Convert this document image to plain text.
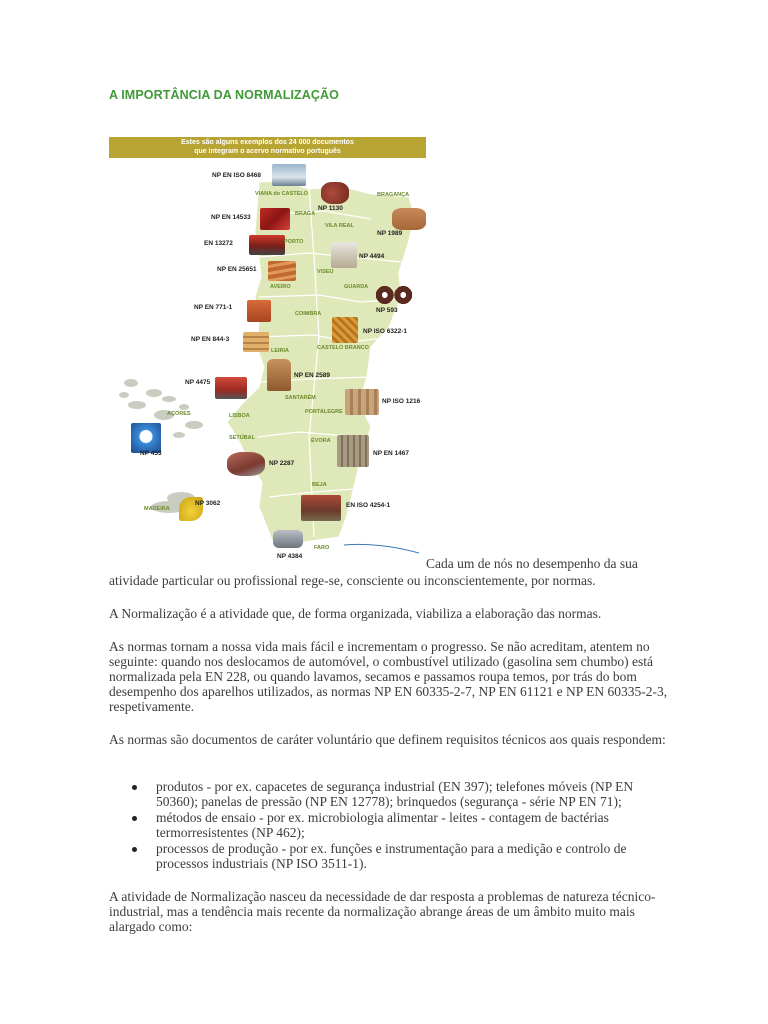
A IMPORTÂNCIA DA NORMALIZAÇÃO
Estes são alguns exemplos dos 24 000 documentos
que integram o acervo normativo português
NP EN ISO 8468
NP 1130
NP EN 14533
NP 1989
EN 13272
NP 4494
NP EN 25651
NP 593
NP EN 771-1
NP ISO 6322-1
NP EN 844-3
NP EN 2589
NP 4475
NP ISO 1216
NP 453	NP EN 1467
NP 2287
NP 3062	EN ISO 4254-1
NP 4384
VIANA do CASTELO	BRAGANÇA
BRAGA
VILA REAL
PORTO
VISEU
GUARDA
AVEIRO
COIMBRA
CASTELO BRANCO
LEIRIA
SANTARÉM
PORTALEGRE
AÇORES	LISBOA
SETÚBAL	ÉVORA
BEJA
MADEIRA
FARO
Cada um de nós no desempenho da sua

atividade particular ou profissional rege-se, consciente ou inconscientemente, por normas.

A Normalização é a atividade que, de forma organizada, viabiliza a elaboração das normas.

As normas tornam a nossa vida mais fácil e incrementam o progresso. Se não acreditam, atentem no seguinte: quando nos deslocamos de automóvel, o combustível utilizado (gasolina sem chumbo) está normalizada pela EN 228, ou quando lavamos, secamos e passamos roupa temos, por trás do bom desempenho dos aparelhos utilizados, as normas NP EN 60335-2-7, NP EN 61121 e NP EN 60335-2-3, respetivamente.

As normas são documentos de caráter voluntário que definem requisitos técnicos aos quais respondem:

produtos - por ex. capacetes de segurança industrial (EN 397); telefones móveis (NP EN 50360); panelas de pressão (NP EN 12778); brinquedos (segurança - série NP EN 71);
métodos de ensaio - por ex. microbiologia alimentar - leites - contagem de bactérias termorresistentes (NP 462);
processos de produção - por ex. funções e instrumentação para a medição e controlo de processos industriais (NP ISO 3511-1).

A atividade de Normalização nasceu da necessidade de dar resposta a problemas de natureza técnico-industrial, mas a tendência mais recente da normalização abrange áreas de um âmbito muito mais alargado como:
